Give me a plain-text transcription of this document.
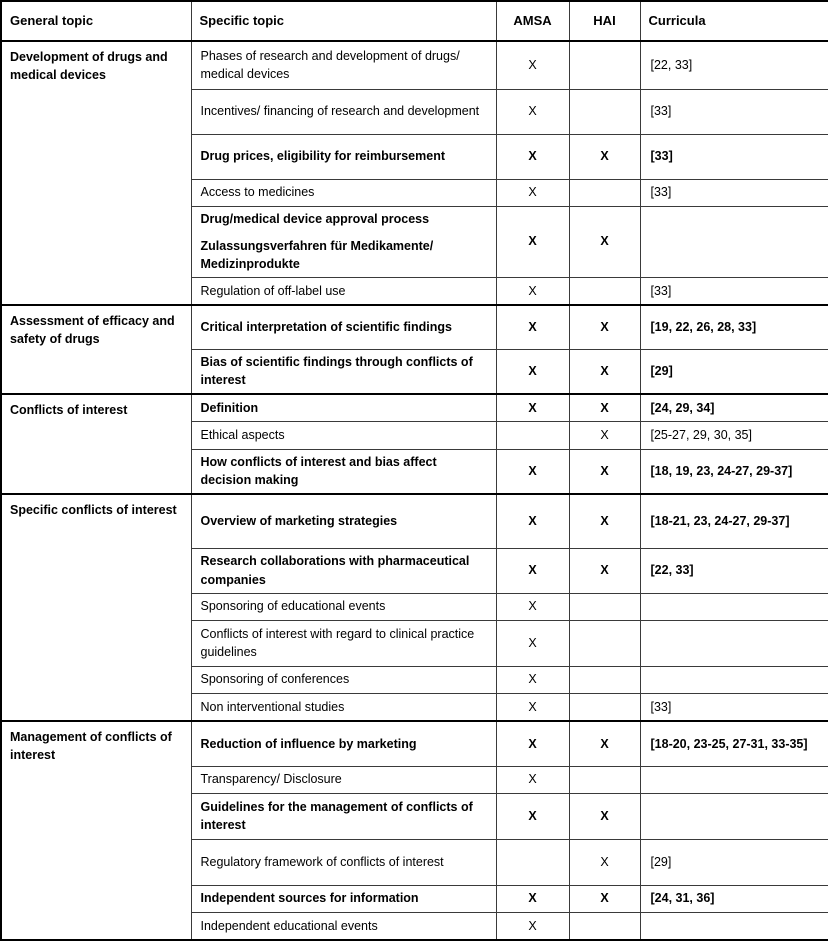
General topic	Specific topic	AMSA	HAI	Curricula
Development of drugs and medical devices	Phases of research and development of drugs/ medical devices	X		[22, 33]

	Incentives/ financing of research and development	X		[33]

	Drug prices, eligibility for reimbursement	X	X	[33]

	Access to medicines	X		[33]

	Drug/medical device approval process
Zulassungsverfahren für Medikamente/ Medizinprodukte	X	X	

	Regulation of off-label use	X		[33]
Assessment of efficacy and safety of drugs	Critical interpretation of scientific findings	X	X	[19, 22, 26, 28, 33]

	Bias of scientific findings through conflicts of interest	X	X	[29]
Conflicts of interest	Definition	X	X	[24, 29, 34]

	Ethical aspects		X	[25-27, 29, 30, 35]

	How conflicts of interest and bias affect decision making	X	X	[18, 19, 23, 24-27, 29-37]
Specific conflicts of interest	Overview of marketing strategies	X	X	[18-21, 23, 24-27, 29-37]

	Research collaborations with pharmaceutical companies	X	X	[22, 33]

	Sponsoring of educational events	X		

	Conflicts of interest with regard to clinical practice guidelines	X		

	Sponsoring of conferences	X		

	Non interventional studies	X		[33]
Management of conflicts of interest	Reduction of influence by marketing	X	X	[18-20, 23-25, 27-31, 33-35]

	Transparency/ Disclosure	X		

	Guidelines for the management of conflicts of interest	X	X	

	Regulatory framework of conflicts of interest		X	[29]

	Independent sources for information	X	X	[24, 31, 36]

	Independent educational events	X		
